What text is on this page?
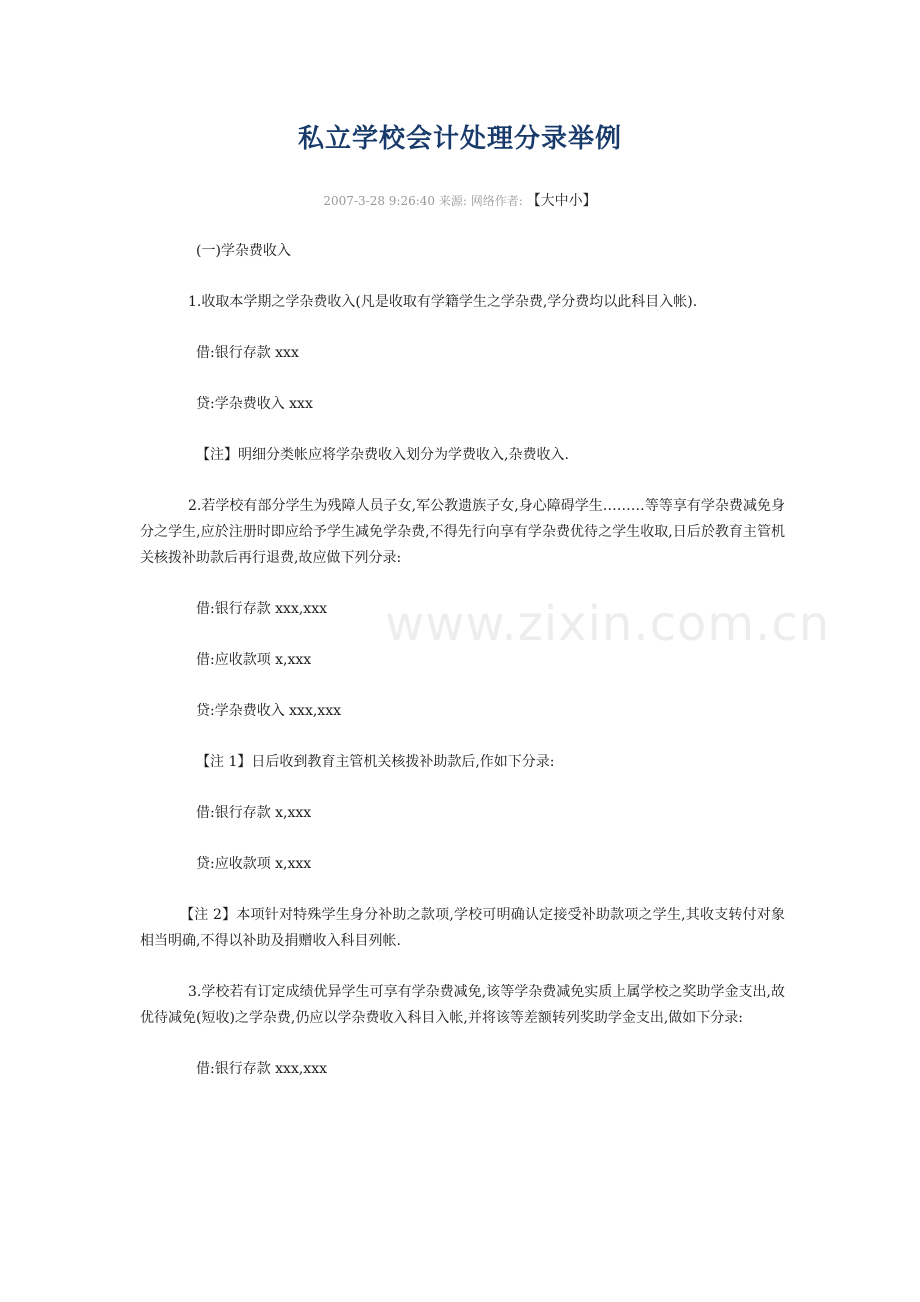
私立学校会计处理分录举例
2007-3-28 9:26:40 来源: 网络作者: 【大中小】

(一)学杂费收入

1.收取本学期之学杂费收入(凡是收取有学籍学生之学杂费,学分费均以此科目入帐).

借:银行存款 xxx

贷:学杂费收入 xxx

【注】明细分类帐应将学杂费收入划分为学费收入,杂费收入.

2.若学校有部分学生为残障人员子女,军公教遗族子女,身心障碍学生………等等享有学杂费减免身分之学生,应於注册时即应给予学生减免学杂费,不得先行向享有学杂费优待之学生收取,日后於教育主管机关核拨补助款后再行退费,故应做下列分录:

借:银行存款 xxx,xxx

借:应收款项 x,xxx

贷:学杂费收入 xxx,xxx

【注 1】日后收到教育主管机关核拨补助款后,作如下分录:

借:银行存款 x,xxx

贷:应收款项 x,xxx

【注 2】本项针对特殊学生身分补助之款项,学校可明确认定接受补助款项之学生,其收支转付对象相当明确,不得以补助及捐赠收入科目列帐.

3.学校若有订定成绩优异学生可享有学杂费减免,该等学杂费减免实质上属学校之奖助学金支出,故优待减免(短收)之学杂费,仍应以学杂费收入科目入帐,并将该等差额转列奖助学金支出,做如下分录:

借:银行存款 xxx,xxx

www.zixin.com.cn
